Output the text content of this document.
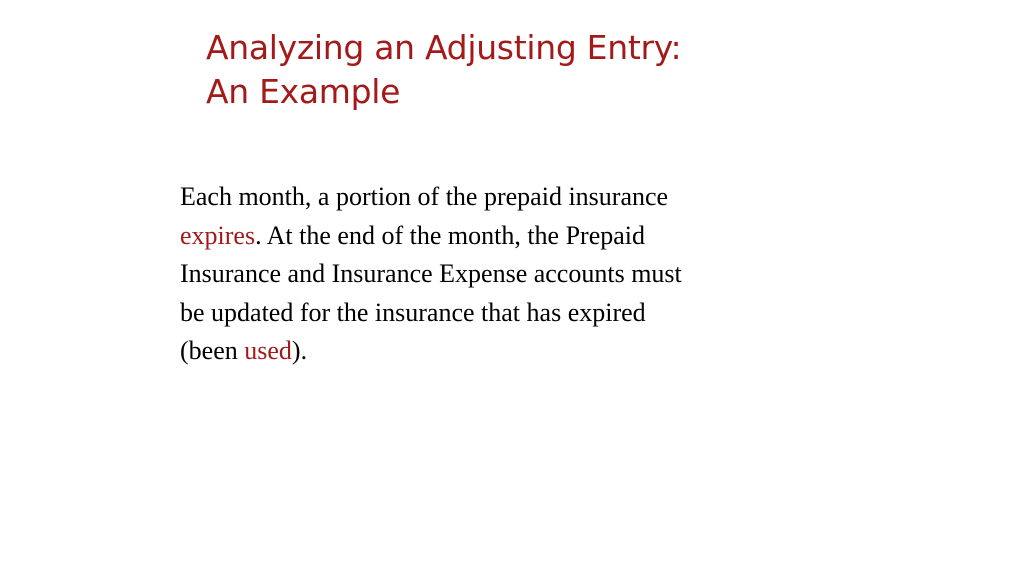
Analyzing an Adjusting Entry:
An Example
Each month, a portion of the prepaid insurance
expires. At the end of the month, the Prepaid
Insurance and Insurance Expense accounts must
be updated for the insurance that has expired
(been used).
